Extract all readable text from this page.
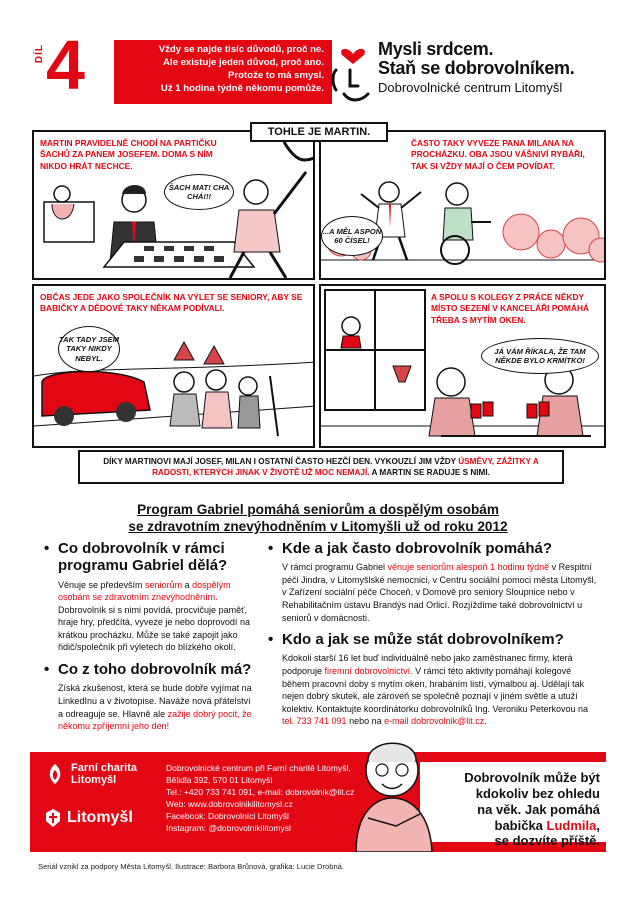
DÍL 4	Vždy se najde tisíc důvodů, proč ne.
Ale existuje jeden důvod, proč ano.
Protože to má smysl.
Už 1 hodina týdně někomu pomůže.
Mysli srdcem.
Staň se dobrovolníkem.
Dobrovolnické centrum Litomyšl
TOHLE JE MARTIN.
MARTIN PRAVIDELNĚ CHODÍ NA PARTIČKU ŠACHŮ ZA PANEM JOSEFEM. DOMA S NÍM NIKDO HRÁT NECHCE.
ŠACH MAT! CHA CHÁ!!!
ČASTO TAKY VYVEZE PANA MILANA NA PROCHÁZKU. OBA JSOU VÁŠNIVÍ RYBÁŘI, TAK SI VŽDY MAJÍ O ČEM POVÍDAT.
...A MĚL ASPOŇ 60 ČÍSEL!
OBČAS JEDE JAKO SPOLEČNÍK NA VÝLET SE SENIORY, ABY SE BABIČKY A DĚDOVÉ TAKY NĚKAM PODÍVALI.
TAK TADY JSEM TAKY NIKDY NEBYL.
A SPOLU S KOLEGY Z PRÁCE NĚKDY MÍSTO SEZENÍ V KANCELÁŘI POMÁHÁ TŘEBA S MYTÍM OKEN.
JÁ VÁM ŘÍKALA, ŽE TAM NĚKDE BYLO KRMÍTKO!
DÍKY MARTINOVI MAJÍ JOSEF, MILAN I OSTATNÍ ČASTO HEZČÍ DEN. VYKOUZLÍ JIM VŽDY ÚSMĚVY, ZÁŽITKY A RADOSTI, KTERÝCH JINAK V ŽIVOTĚ UŽ MOC NEMAJÍ. A MARTIN SE RADUJE S NIMI.
Program Gabriel pomáhá seniorům a dospělým osobám
se zdravotním znevýhodněním v Litomyšli už od roku 2012
• Co dobrovolník v rámci programu Gabriel dělá?
Věnuje se především seniorům a dospělým osobám se zdravotním znevýhodněním. Dobrovolník si s nimi povídá, procvičuje paměť, hraje hry, předčítá, vyveze je nebo doprovodí na krátkou procházku. Může se také zapojit jako řidič/společník při výletech do blízkého okolí.
• Co z toho dobrovolník má?
Získá zkušenost, která se bude dobře vyjímat na LinkedInu a v životopise. Naváže nová přátelství a odreaguje se. Hlavně ale zažije dobrý pocit, že někomu zpříjemní jeho den!
• Kde a jak často dobrovolník pomáhá?
V rámci programu Gabriel věnuje seniorům alespoň 1 hodinu týdně v Respitní péči Jindra, v Litomyšlské nemocnici, v Centru sociální pomoci města Litomyšl, v Zařízení sociální péče Choceň, v Domově pro seniory Sloupnice nebo v Rehabilitačním ústavu Brandýs nad Orlicí. Rozjíždíme také dobrovolnictví u seniorů v domácnosti.
• Kdo a jak se může stát dobrovolníkem?
Kdokoli starší 16 let buď individuálně nebo jako zaměstnanec firmy, která podporuje firemní dobrovolnictví. V rámci této aktivity pomáhají kolegové během pracovní doby s mytím oken, hrabáním listí, výmalbou aj. Udělají tak nejen dobrý skutek, ale zároveň se společně poznají v jiném světle a utuží kolektiv. Kontaktujte koordinátorku dobrovolníků Ing. Veroniku Peterkovou na tel. 733 741 091 nebo na e-mail dobrovolnik@lit.cz.
Farní charita
Litomyšl
Litomyšl
Dobrovolnické centrum při Farní charitě Litomyšl,
Bělidla 392, 570 01 Litomyšl
Tel.: +420 733 741 091, e-mail: dobrovolnik@lit.cz
Web: www.dobrovolnikilitomysl.cz
Facebook: Dobrovolníci Litomyšl
Instagram: @dobrovolnikilitomysl
Dobrovolník může být
kdokoliv bez ohledu
na věk. Jak pomáhá
babička Ludmila,
se dozvíte příště.
Seriál vznikl za podpory Města Litomyšl. Ilustrace: Barbora Brůnová, grafika: Lucie Drobná.
